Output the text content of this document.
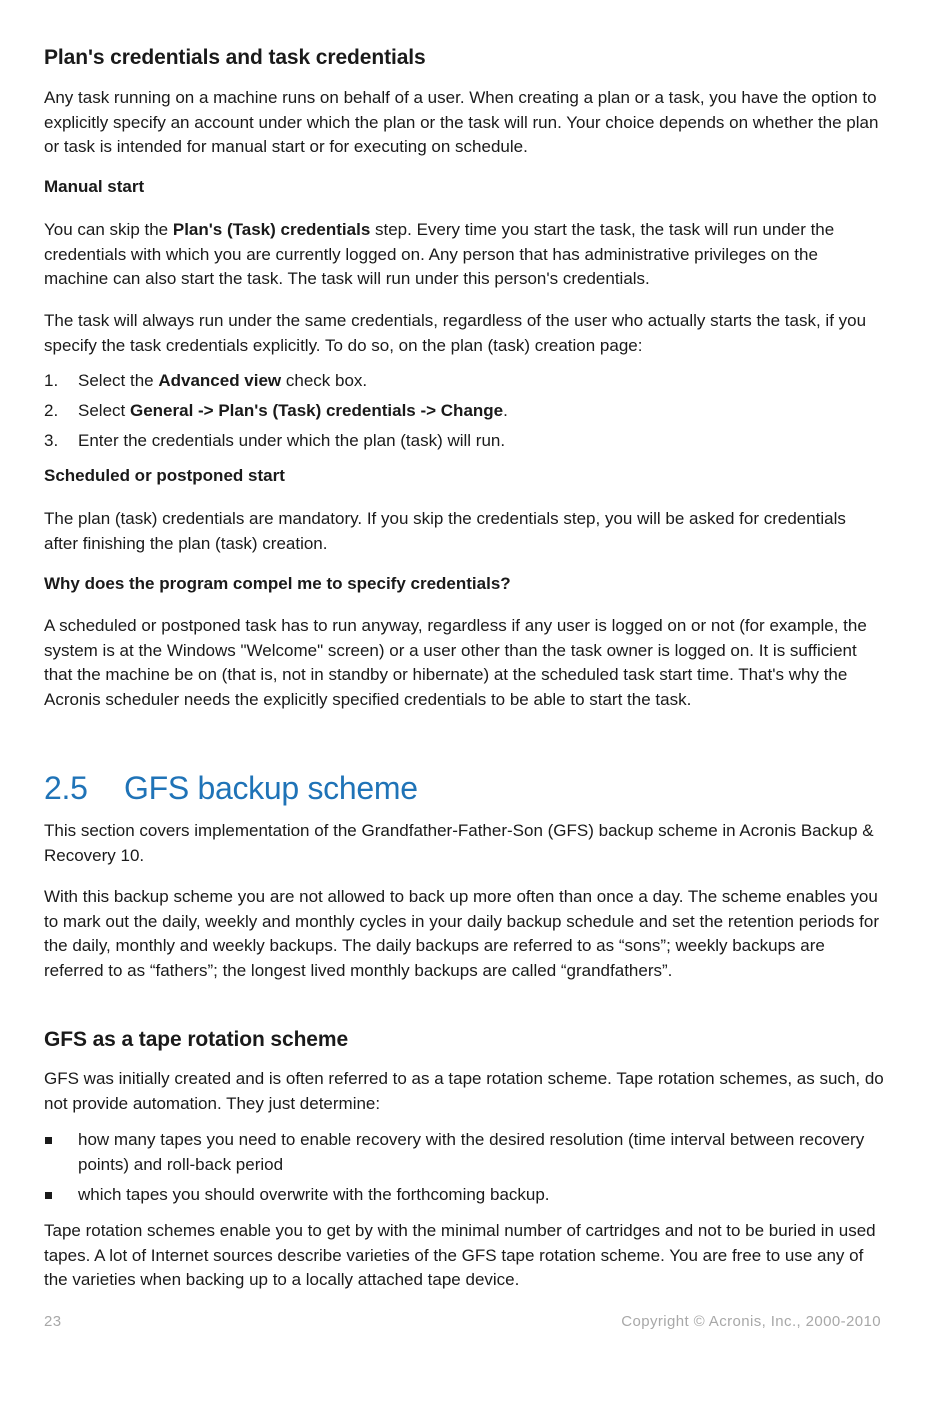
Plan's credentials and task credentials

Any task running on a machine runs on behalf of a user. When creating a plan or a task, you have the option to explicitly specify an account under which the plan or the task will run. Your choice depends on whether the plan or task is intended for manual start or for executing on schedule.

Manual start

You can skip the Plan's (Task) credentials step. Every time you start the task, the task will run under the credentials with which you are currently logged on. Any person that has administrative privileges on the machine can also start the task. The task will run under this person's credentials.

The task will always run under the same credentials, regardless of the user who actually starts the task, if you specify the task credentials explicitly. To do so, on the plan (task) creation page:

1. Select the Advanced view check box.
2. Select General -> Plan's (Task) credentials -> Change.
3. Enter the credentials under which the plan (task) will run.
Scheduled or postponed start

The plan (task) credentials are mandatory. If you skip the credentials step, you will be asked for credentials after finishing the plan (task) creation.

Why does the program compel me to specify credentials?

A scheduled or postponed task has to run anyway, regardless if any user is logged on or not (for example, the system is at the Windows "Welcome" screen) or a user other than the task owner is logged on. It is sufficient that the machine be on (that is, not in standby or hibernate) at the scheduled task start time. That's why the Acronis scheduler needs the explicitly specified credentials to be able to start the task.

2.5 GFS backup scheme

This section covers implementation of the Grandfather-Father-Son (GFS) backup scheme in Acronis Backup & Recovery 10.

With this backup scheme you are not allowed to back up more often than once a day. The scheme enables you to mark out the daily, weekly and monthly cycles in your daily backup schedule and set the retention periods for the daily, monthly and weekly backups. The daily backups are referred to as “sons”; weekly backups are referred to as “fathers”; the longest lived monthly backups are called “grandfathers”.

GFS as a tape rotation scheme

GFS was initially created and is often referred to as a tape rotation scheme. Tape rotation schemes, as such, do not provide automation. They just determine:

how many tapes you need to enable recovery with the desired resolution (time interval between recovery points) and roll-back period
which tapes you should overwrite with the forthcoming backup.

Tape rotation schemes enable you to get by with the minimal number of cartridges and not to be buried in used tapes. A lot of Internet sources describe varieties of the GFS tape rotation scheme. You are free to use any of the varieties when backing up to a locally attached tape device.

23	Copyright © Acronis, Inc., 2000-2010
